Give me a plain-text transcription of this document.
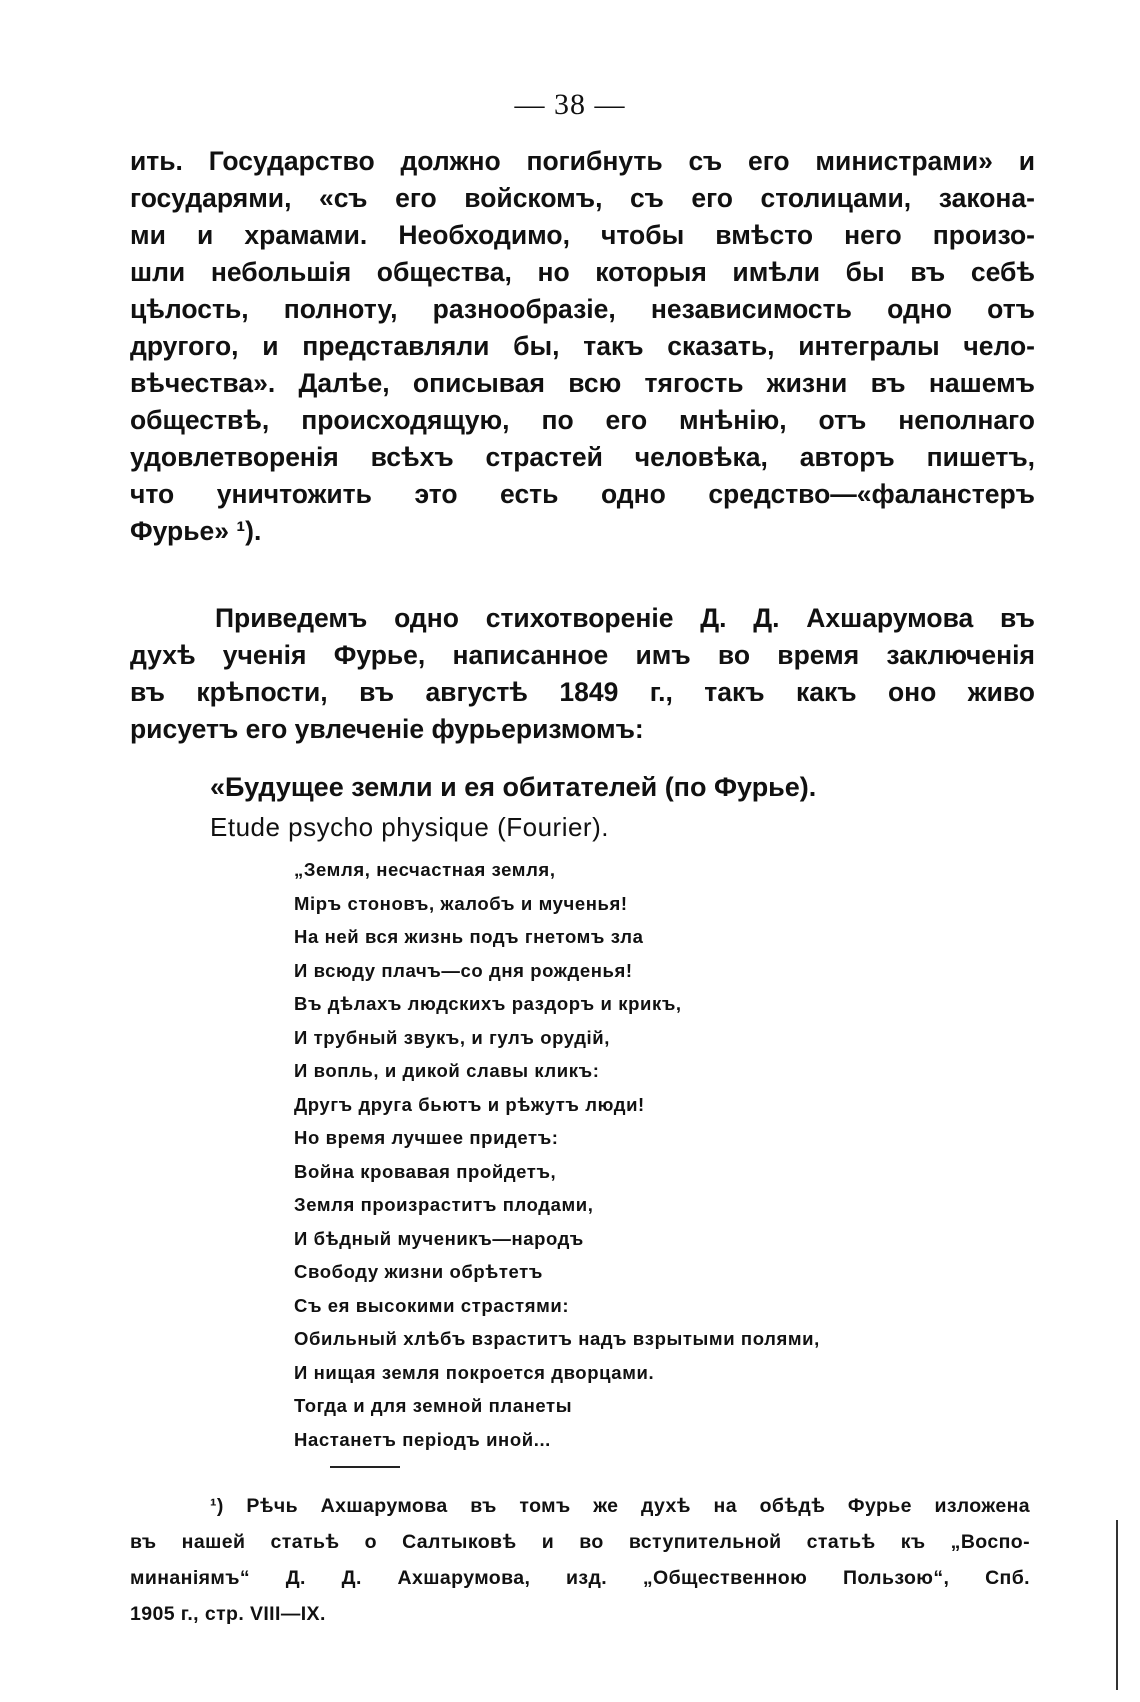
— 38 —
ить. Государство должно погибнуть съ его министрами» и
государями, «съ его войскомъ, съ его столицами, закона-
ми и храмами. Необходимо, чтобы вмѣсто него произо-
шли небольшія общества, но которыя имѣли бы въ себѣ
цѣлость, полноту, разнообразіе, независимость одно отъ
другого, и представляли бы, такъ сказать, интегралы чело-
вѣчества». Далѣе, описывая всю тягость жизни въ нашемъ
обществѣ, происходящую, по его мнѣнію, отъ неполнаго
удовлетворенія всѣхъ страстей человѣка, авторъ пишетъ,
что уничтожить это есть одно средство—«фаланстеръ
Фурье» ¹).
Приведемъ одно стихотвореніе Д. Д. Ахшарумова въ
духѣ ученія Фурье, написанное имъ во время заключенія
въ крѣпости, въ августѣ 1849 г., такъ какъ оно живо
рисуетъ его увлеченіе фурьеризмомъ:
«Будущее земли и ея обитателей (по Фурье).
Etude psycho physique (Fourier).
„Земля, несчастная земля,
Міръ стоновъ, жалобъ и мученья!
На ней вся жизнь подъ гнетомъ зла
И всюду плачъ—со дня рожденья!
Въ дѣлахъ людскихъ раздоръ и крикъ,
И трубный звукъ, и гулъ орудій,
И вопль, и дикой славы кликъ:
Другъ друга бьютъ и рѣжутъ люди!
Но время лучшее придетъ:
Война кровавая пройдетъ,
Земля произраститъ плодами,
И бѣдный мученикъ—народъ
Свободу жизни обрѣтетъ
Съ ея высокими страстями:
Обильный хлѣбъ взраститъ надъ взрытыми полями,
И нищая земля покроется дворцами.
Тогда и для земной планеты
Настанетъ періодъ иной...
¹) Рѣчь Ахшарумова въ томъ же духѣ на обѣдѣ Фурье изложена
въ нашей статьѣ о Салтыковѣ и во вступительной статьѣ къ „Воспо-
минаніямъ“ Д. Д. Ахшарумова, изд. „Общественною Пользою“, Спб.
1905 г., стр. VIII—IX.
